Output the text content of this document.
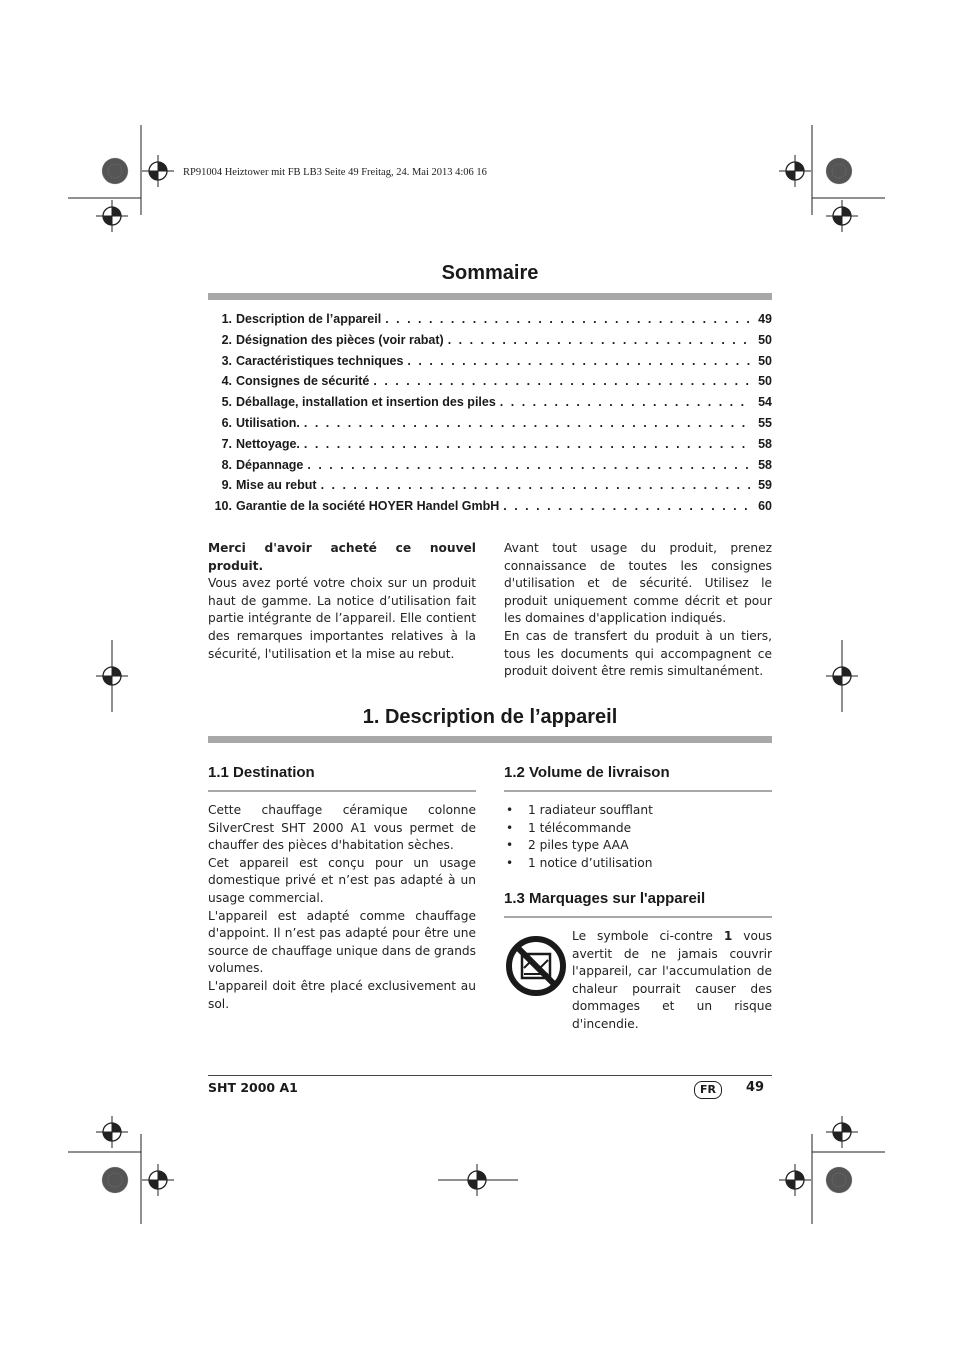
RP91004 Heiztower mit FB LB3 Seite 49 Freitag, 24. Mai 2013 4:06 16
Sommaire
1. Description de l’appareil . . .	49
2. Désignation des pièces (voir rabat) . . .	50
3. Caractéristiques techniques . . .	50
4. Consignes de sécurité . . .	50
5. Déballage, installation et insertion des piles . . .	54
6. Utilisation. . . .	55
7. Nettoyage. . . .	58
8. Dépannage . . .	58
9. Mise au rebut . . .	59
10. Garantie de la société HOYER Handel GmbH . . .	60

Merci d'avoir acheté ce nouvel produit.

Vous avez porté votre choix sur un produit haut de gamme. La notice d’utilisation fait partie intégrante de l’appareil. Elle contient des remarques importantes relatives à la sécurité, l'utilisation et la mise au rebut.

Avant tout usage du produit, prenez connaissance de toutes les consignes d'utilisation et de sécurité. Utilisez le produit uniquement comme décrit et pour les domaines d'application indiqués.

En cas de transfert du produit à un tiers, tous les documents qui accompagnent ce produit doivent être remis simultanément.

1. Description de l’appareil
1.1 Destination

Cette chauffage céramique colonne SilverCrest SHT 2000 A1 vous permet de chauffer des pièces d'habitation sèches.

Cet appareil est conçu pour un usage domestique privé et n’est pas adapté à un usage commercial.

L'appareil est adapté comme chauffage d'appoint. Il n’est pas adapté pour être une source de chauffage unique dans de grands volumes.

L'appareil doit être placé exclusivement au sol.

1.2 Volume de livraison
• 1 radiateur soufflant
• 1 télécommande
• 2 piles type AAA
• 1 notice d’utilisation
1.3 Marquages sur l'appareil

Le symbole ci-contre 1 vous avertit de ne jamais couvrir l'appareil, car l'accumulation de chaleur pourrait causer des dommages et un risque d'incendie.

SHT 2000 A1	FR	49
